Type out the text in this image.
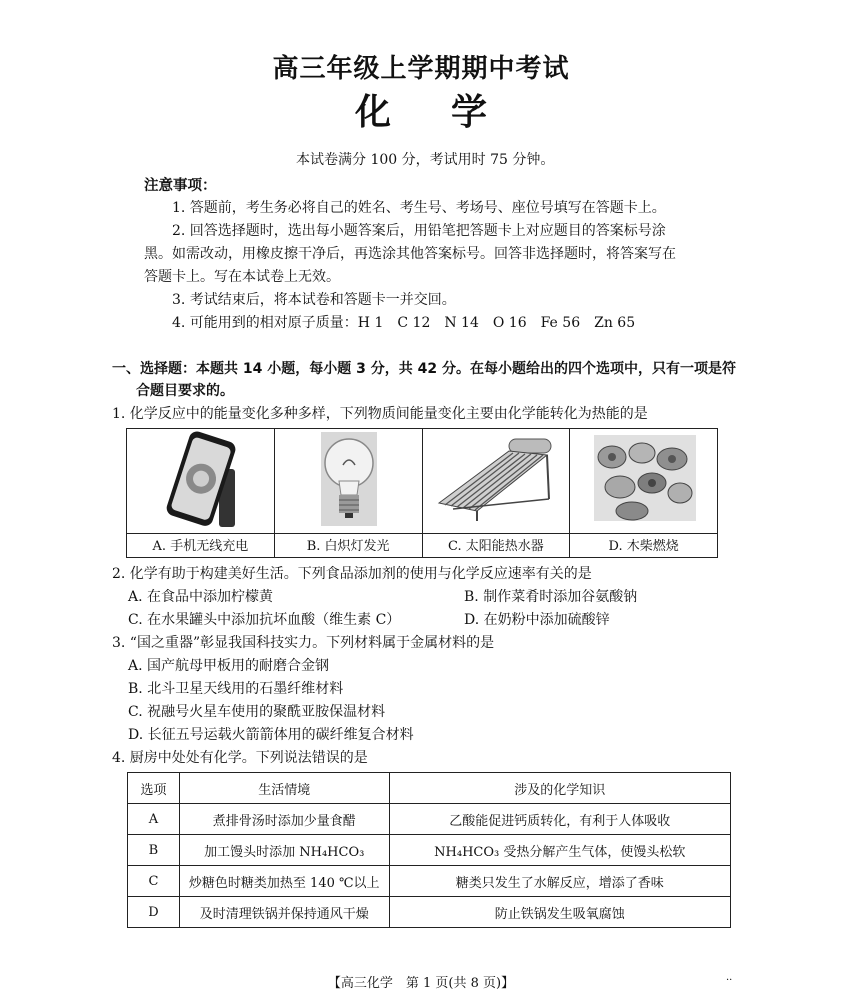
高三年级上学期期中考试
化 学
本试卷满分 100 分，考试用时 75 分钟。
注意事项：
1. 答题前，考生务必将自己的姓名、考生号、考场号、座位号填写在答题卡上。
2. 回答选择题时，选出每小题答案后，用铅笔把答题卡上对应题目的答案标号涂
黑。如需改动，用橡皮擦干净后，再选涂其他答案标号。回答非选择题时，将答案写在
答题卡上。写在本试卷上无效。
3. 考试结束后，将本试卷和答题卡一并交回。
4. 可能用到的相对原子质量：H 1　C 12　N 14　O 16　Fe 56　Zn 65
一、选择题：本题共 14 小题，每小题 3 分，共 42 分。在每小题给出的四个选项中，只有一项是符
合题目要求的。
1. 化学反应中的能量变化多种多样，下列物质间能量变化主要由化学能转化为热能的是
A. 手机无线充电	B. 白炽灯发光	C. 太阳能热水器	D. 木柴燃烧
2. 化学有助于构建美好生活。下列食品添加剂的使用与化学反应速率有关的是
A. 在食品中添加柠檬黄	B. 制作菜肴时添加谷氨酸钠
C. 在水果罐头中添加抗坏血酸（维生素 C）	D. 在奶粉中添加硫酸锌
3. “国之重器”彰显我国科技实力。下列材料属于金属材料的是
A. 国产航母甲板用的耐磨合金钢
B. 北斗卫星天线用的石墨纤维材料
C. 祝融号火星车使用的聚酰亚胺保温材料
D. 长征五号运载火箭箭体用的碳纤维复合材料
4. 厨房中处处有化学。下列说法错误的是
选项	生活情境	涉及的化学知识
A	煮排骨汤时添加少量食醋	乙酸能促进钙质转化，有利于人体吸收
B	加工馒头时添加 NH₄HCO₃	NH₄HCO₃ 受热分解产生气体，使馒头松软
C	炒糖色时糖类加热至 140 ℃以上	糖类只发生了水解反应，增添了香味
D	及时清理铁锅并保持通风干燥	防止铁锅发生吸氧腐蚀
【高三化学　第 1 页(共 8 页)】	··
